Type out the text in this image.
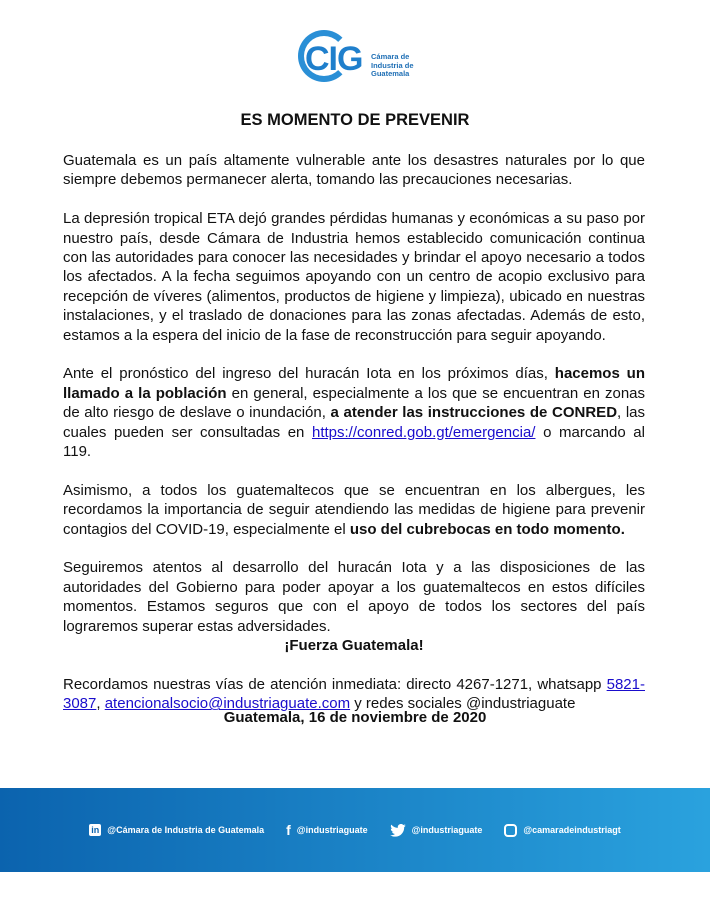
CIG Cámara de
Industria de
Guatemala
ES MOMENTO DE PREVENIR

Guatemala es un país altamente vulnerable ante los desastres naturales por lo que siempre debemos permanecer alerta, tomando las precauciones necesarias.

La depresión tropical ETA dejó grandes pérdidas humanas y económicas a su paso por nuestro país, desde Cámara de Industria hemos establecido comunicación continua con las autoridades para conocer las necesidades y brindar el apoyo necesario a todos los afectados. A la fecha seguimos apoyando con un centro de acopio exclusivo para recepción de víveres (alimentos, productos de higiene y limpieza), ubicado en nuestras instalaciones, y el traslado de donaciones para las zonas afectadas. Además de esto, estamos a la espera del inicio de la fase de reconstrucción para seguir apoyando.

Ante el pronóstico del ingreso del huracán Iota en los próximos días, hacemos un llamado a la población en general, especialmente a los que se encuentran en zonas de alto riesgo de deslave o inundación, a atender las instrucciones de CONRED, las cuales pueden ser consultadas en https://conred.gob.gt/emergencia/ o marcando al 119.

Asimismo, a todos los guatemaltecos que se encuentran en los albergues, les recordamos la importancia de seguir atendiendo las medidas de higiene para prevenir contagios del COVID-19, especialmente el uso del cubrebocas en todo momento.

Seguiremos atentos al desarrollo del huracán Iota y a las disposiciones de las autoridades del Gobierno para poder apoyar a los guatemaltecos en estos difíciles momentos. Estamos seguros que con el apoyo de todos los sectores del país lograremos superar estas adversidades.

¡Fuerza Guatemala!

Recordamos nuestras vías de atención inmediata: directo 4267-1271, whatsapp 5821-3087, atencionalsocio@industriaguate.com y redes sociales @industriaguate

Guatemala, 16 de noviembre de 2020
in @Cámara de Industria de Guatemala f @industriaguate	@industriaguate	@camaradeindustriagt
